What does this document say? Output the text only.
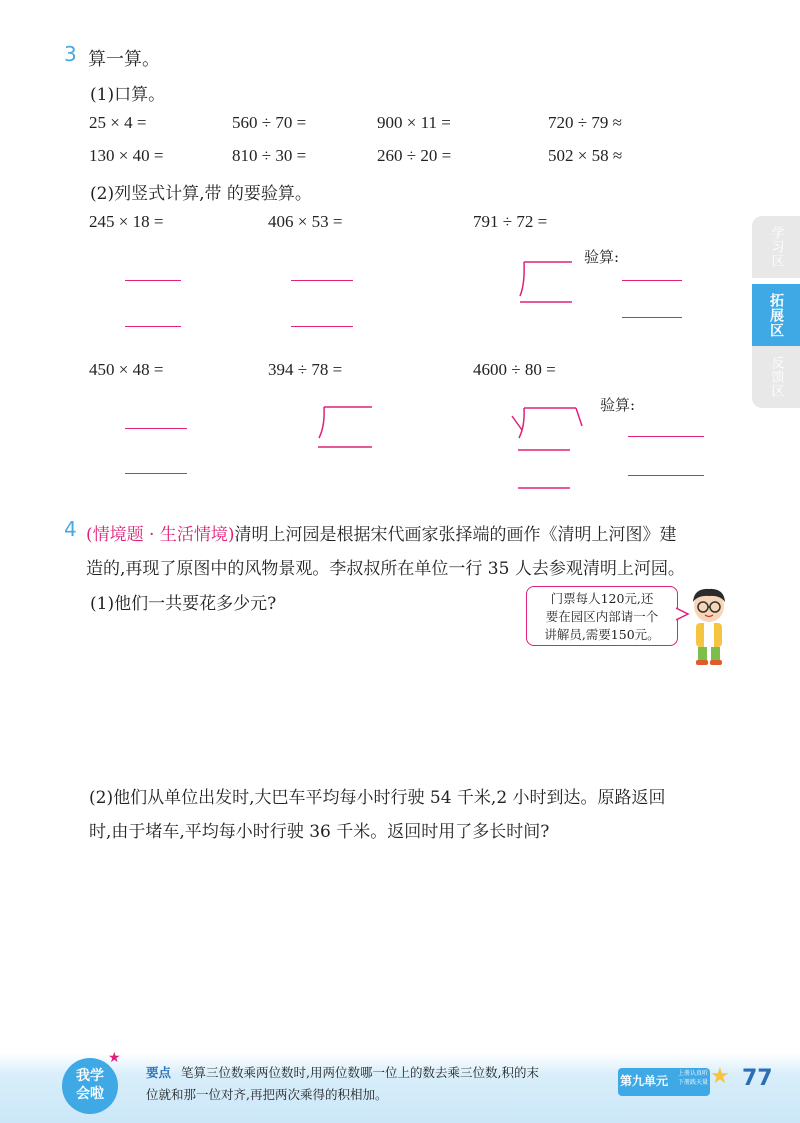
3 算一算。
(1)口算。
25 × 4 =	560 ÷ 70 =	900 × 11 =	720 ÷ 79 ≈
130 × 40 =	810 ÷ 30 =	260 ÷ 20 =	502 × 58 ≈
(2)列竖式计算,带 的要验算。
245 × 18 =	406 × 53 =	791 ÷ 72 =
验算:
450 × 48 =	394 ÷ 78 =	4600 ÷ 80 =
验算:
学习区
拓展区
反馈区
4 (情境题 · 生活情境)清明上河园是根据宋代画家张择端的画作《清明上河图》建
造的,再现了原图中的风物景观。李叔叔所在单位一行 35 人去参观清明上河园。
(1)他们一共要花多少元?	门票每人120元,还
要在园区内部请一个
讲解员,需要150元。
(2)他们从单位出发时,大巴车平均每小时行驶 54 千米,2 小时到达。原路返回
时,由于堵车,平均每小时行驶 36 千米。返回时用了多长时间?
我学
会啦
★
要点 笔算三位数乘两位数时,用两位数哪一位上的数去乘三位数,积的末
位就和那一位对齐,再把两次乘得的积相加。
第九单元
上册认真听
下册践天量 ★ 77
